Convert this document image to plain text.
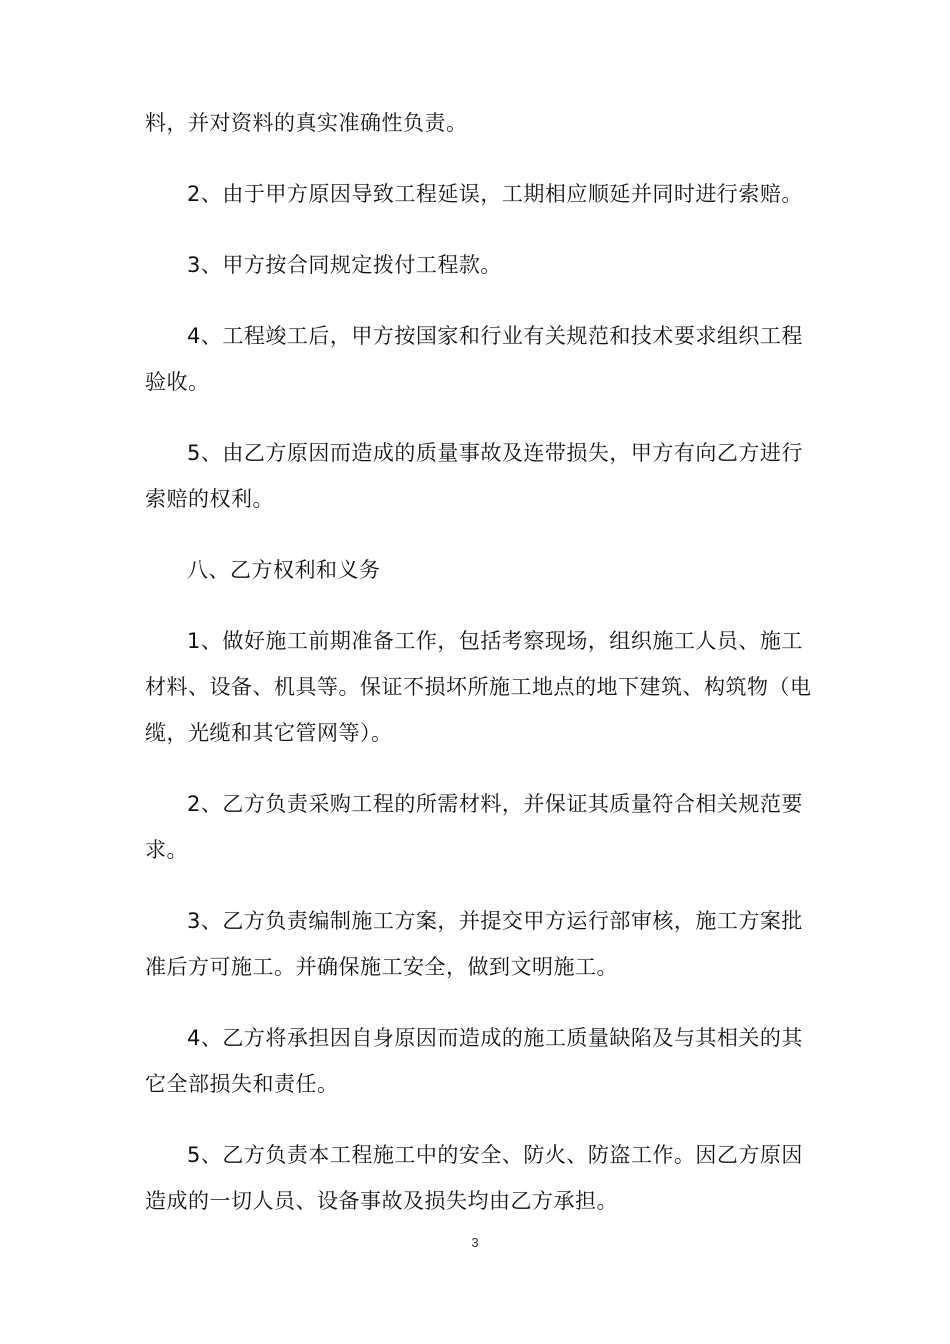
料，并对资料的真实准确性负责。

2、由于甲方原因导致工程延误，工期相应顺延并同时进行索赔。

3、甲方按合同规定拨付工程款。

4、工程竣工后，甲方按国家和行业有关规范和技术要求组织工程验收。

5、由乙方原因而造成的质量事故及连带损失，甲方有向乙方进行索赔的权利。

八、乙方权利和义务

1、做好施工前期准备工作，包括考察现场，组织施工人员、施工材料、设备、机具等。保证不损坏所施工地点的地下建筑、构筑物（电缆，光缆和其它管网等）。

2、乙方负责采购工程的所需材料，并保证其质量符合相关规范要求。

3、乙方负责编制施工方案，并提交甲方运行部审核，施工方案批准后方可施工。并确保施工安全，做到文明施工。

4、乙方将承担因自身原因而造成的施工质量缺陷及与其相关的其它全部损失和责任。

5、乙方负责本工程施工中的安全、防火、防盗工作。因乙方原因造成的一切人员、设备事故及损失均由乙方承担。

3
